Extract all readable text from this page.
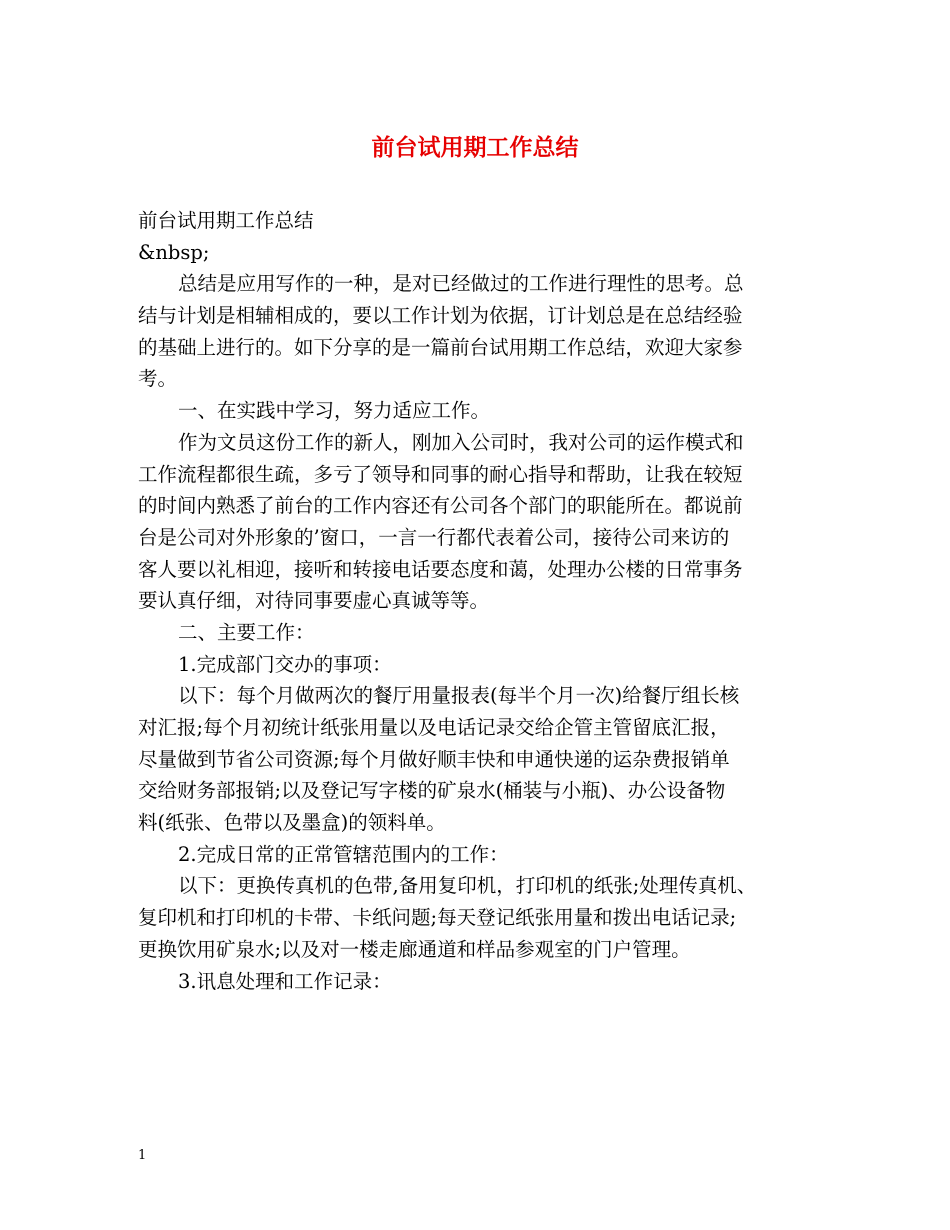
前台试用期工作总结

前台试用期工作总结

&nbsp;

总结是应用写作的一种，是对已经做过的工作进行理性的思考。总

结与计划是相辅相成的，要以工作计划为依据，订计划总是在总结经验

的基础上进行的。如下分享的是一篇前台试用期工作总结，欢迎大家参

考。

一、在实践中学习，努力适应工作。

作为文员这份工作的新人，刚加入公司时，我对公司的运作模式和

工作流程都很生疏，多亏了领导和同事的耐心指导和帮助，让我在较短

的时间内熟悉了前台的工作内容还有公司各个部门的职能所在。都说前

台是公司对外形象的’窗口，一言一行都代表着公司，接待公司来访的

客人要以礼相迎，接听和转接电话要态度和蔼，处理办公楼的日常事务

要认真仔细，对待同事要虚心真诚等等。

二、主要工作：

1.完成部门交办的事项：

以下：每个月做两次的餐厅用量报表(每半个月一次)给餐厅组长核

对汇报;每个月初统计纸张用量以及电话记录交给企管主管留底汇报，

尽量做到节省公司资源;每个月做好顺丰快和申通快递的运杂费报销单

交给财务部报销;以及登记写字楼的矿泉水(桶装与小瓶)、办公设备物

料(纸张、色带以及墨盒)的领料单。

2.完成日常的正常管辖范围内的工作：

以下：更换传真机的色带,备用复印机，打印机的纸张;处理传真机、

复印机和打印机的卡带、卡纸问题;每天登记纸张用量和拨出电话记录;

更换饮用矿泉水;以及对一楼走廊通道和样品参观室的门户管理。

3.讯息处理和工作记录：

1
